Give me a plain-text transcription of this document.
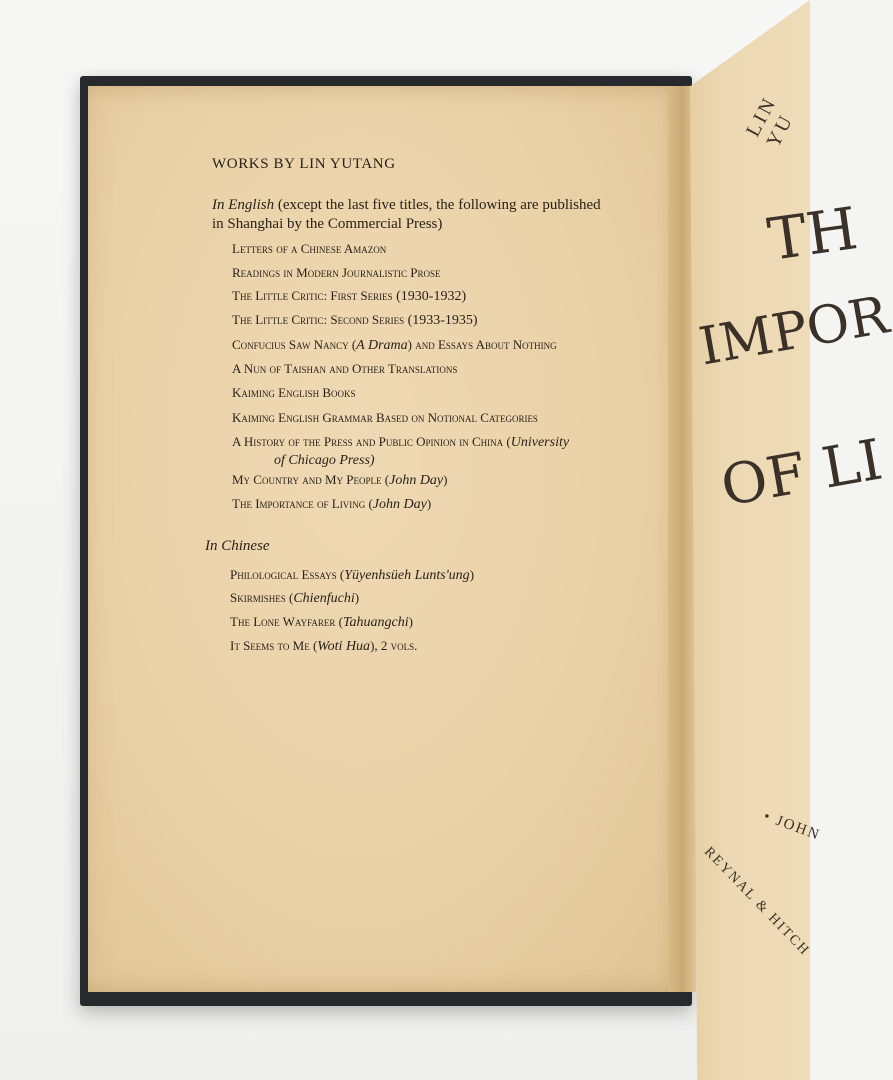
WORKS BY LIN YUTANG
In English (except the last five titles, the following are published
in Shanghai by the Commercial Press)
Letters of a Chinese Amazon
Readings in Modern Journalistic Prose
The Little Critic: First Series (1930-1932)
The Little Critic: Second Series (1933-1935)
Confucius Saw Nancy (A Drama) and Essays About Nothing
A Nun of Taishan and Other Translations
Kaiming English Books
Kaiming English Grammar Based on Notional Categories
A History of the Press and Public Opinion in China (University
of Chicago Press)
My Country and My People (John Day)
The Importance of Living (John Day)
In Chinese
Philological Essays (Yüyenhsüeh Lunts'ung)
Skirmishes (Chienfuchi)
The Lone Wayfarer (Tahuangchi)
It Seems to Me (Woti Hua), 2 vols.
LIN YU
TH
IMPOR
OF LI
• JOHN
REYNAL & HITCH
